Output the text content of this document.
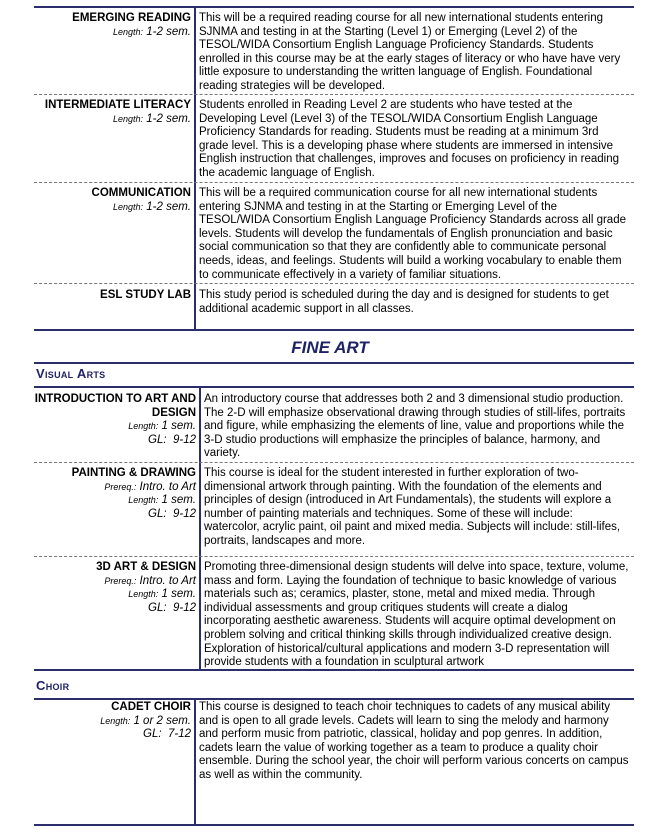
EMERGING READING
Length: 1-2 sem.
This will be a required reading course for all new international students entering SJNMA and testing in at the Starting (Level 1) or Emerging (Level 2) of the TESOL/WIDA Consortium English Language Proficiency Standards. Students enrolled in this course may be at the early stages of literacy or who have have very little exposure to understanding the written language of English. Foundational reading strategies will be developed.
INTERMEDIATE LITERACY
Length: 1-2 sem.
Students enrolled in Reading Level 2 are students who have tested at the Developing Level (Level 3) of the TESOL/WIDA Consortium English Language Proficiency Standards for reading. Students must be reading at a minimum 3rd grade level. This is a developing phase where students are immersed in intensive English instruction that challenges, improves and focuses on proficiency in reading the academic language of English.
COMMUNICATION
Length: 1-2 sem.
This will be a required communication course for all new international students entering SJNMA and testing in at the Starting or Emerging Level of the TESOL/WIDA Consortium English Language Proficiency Standards across all grade levels. Students will develop the fundamentals of English pronunciation and basic social communication so that they are confidently able to communicate personal needs, ideas, and feelings. Students will build a working vocabulary to enable them to communicate effectively in a variety of familiar situations.
ESL STUDY LAB This study period is scheduled during the day and is designed for students to get additional academic support in all classes.
FINE ART
Visual Arts
INTRODUCTION TO ART AND DESIGN
Length: 1 sem.
GL: 9-12
An introductory course that addresses both 2 and 3 dimensional studio production. The 2-D will emphasize observational drawing through studies of still-lifes, portraits and figure, while emphasizing the elements of line, value and proportions while the 3-D studio productions will emphasize the principles of balance, harmony, and variety.
PAINTING & DRAWING
Prereq.: Intro. to Art
Length: 1 sem.
GL: 9-12
This course is ideal for the student interested in further exploration of two-dimensional artwork through painting. With the foundation of the elements and principles of design (introduced in Art Fundamentals), the students will explore a number of painting materials and techniques. Some of these will include: watercolor, acrylic paint, oil paint and mixed media. Subjects will include: still-lifes, portraits, landscapes and more.
3D ART & DESIGN
Prereq.: Intro. to Art
Length: 1 sem.
GL: 9-12
Promoting three-dimensional design students will delve into space, texture, volume, mass and form. Laying the foundation of technique to basic knowledge of various materials such as; ceramics, plaster, stone, metal and mixed media. Through individual assessments and group critiques students will create a dialog incorporating aesthetic awareness. Students will acquire optimal development on problem solving and critical thinking skills through individualized creative design. Exploration of historical/cultural applications and modern 3-D representation will provide students with a foundation in sculptural artwork
Choir
CADET CHOIR
Length: 1 or 2 sem.
GL: 7-12
This course is designed to teach choir techniques to cadets of any musical ability and is open to all grade levels. Cadets will learn to sing the melody and harmony and perform music from patriotic, classical, holiday and pop genres. In addition, cadets learn the value of working together as a team to produce a quality choir ensemble. During the school year, the choir will perform various concerts on campus as well as within the community.
